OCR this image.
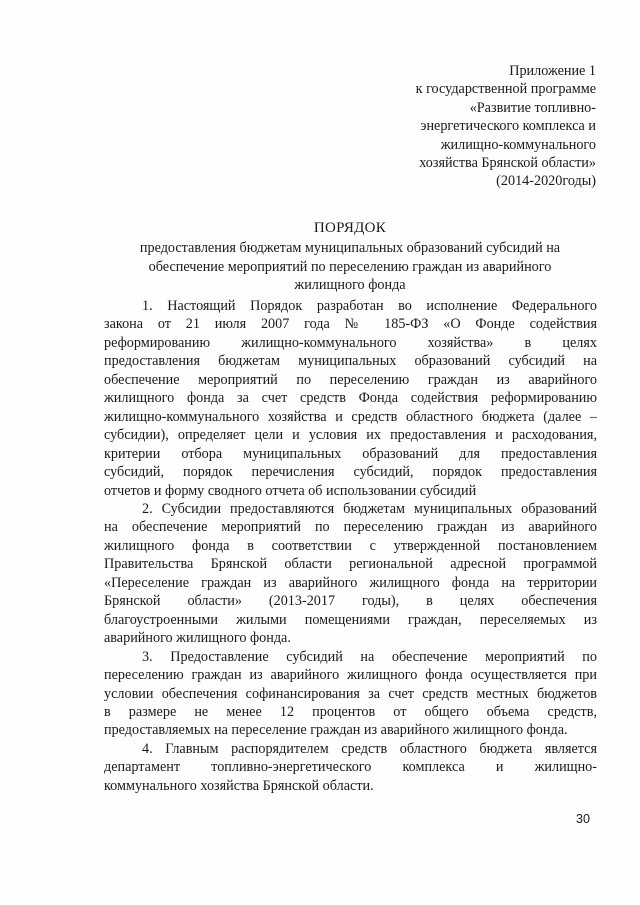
Приложение 1
к государственной программе
«Развитие топливно-
энергетического комплекса и
жилищно-коммунального
хозяйства Брянской области»
(2014-2020годы)
ПОРЯДОК
предоставления бюджетам муниципальных образований субсидий на
обеспечение мероприятий по переселению граждан из аварийного
жилищного фонда
1. Настоящий Порядок разработан во исполнение Федерального
закона от 21 июля 2007 года № 185-ФЗ «О Фонде содействия
реформированию жилищно-коммунального хозяйства» в целях
предоставления бюджетам муниципальных образований субсидий на
обеспечение мероприятий по переселению граждан из аварийного
жилищного фонда за счет средств Фонда содействия реформированию
жилищно-коммунального хозяйства и средств областного бюджета (далее –
субсидии), определяет цели и условия их предоставления и расходования,
критерии отбора муниципальных образований для предоставления
субсидий, порядок перечисления субсидий, порядок предоставления
отчетов и форму сводного отчета об использовании субсидий
2. Субсидии предоставляются бюджетам муниципальных образований
на обеспечение мероприятий по переселению граждан из аварийного
жилищного фонда в соответствии с утвержденной постановлением
Правительства Брянской области региональной адресной программой
«Переселение граждан из аварийного жилищного фонда на территории
Брянской области» (2013-2017 годы), в целях обеспечения
благоустроенными жилыми помещениями граждан, переселяемых из
аварийного жилищного фонда.
3. Предоставление субсидий на обеспечение мероприятий по
переселению граждан из аварийного жилищного фонда осуществляется при
условии обеспечения софинансирования за счет средств местных бюджетов
в размере не менее 12 процентов от общего объема средств,
предоставляемых на переселение граждан из аварийного жилищного фонда.
4. Главным распорядителем средств областного бюджета является
департамент топливно-энергетического комплекса и жилищно-
коммунального хозяйства Брянской области.
30
